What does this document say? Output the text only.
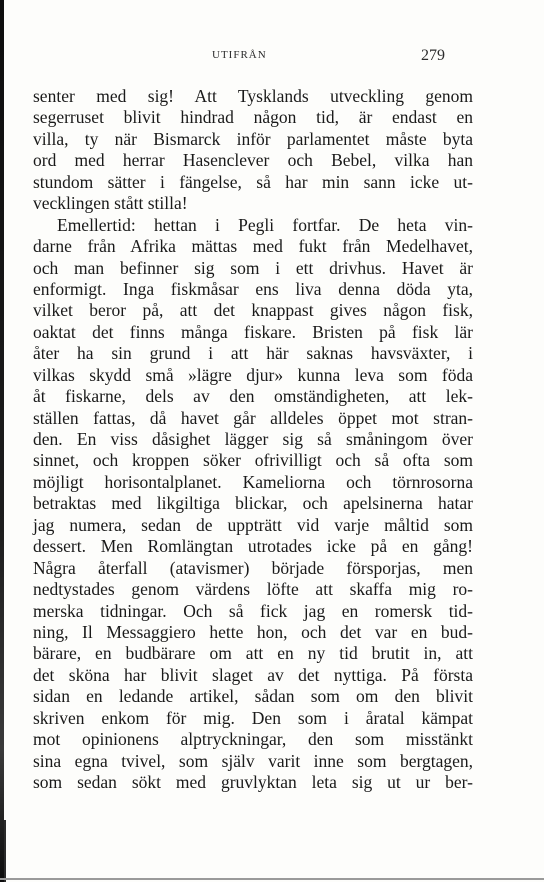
UTIFRÅN	279
senter med sig! Att Tysklands utveckling genom
segerruset blivit hindrad någon tid, är endast en
villa, ty när Bismarck inför parlamentet måste byta
ord med herrar Hasenclever och Bebel, vilka han
stundom sätter i fängelse, så har min sann icke ut-
vecklingen stått stilla!
Emellertid: hettan i Pegli fortfar. De heta vin-
darne från Afrika mättas med fukt från Medelhavet,
och man befinner sig som i ett drivhus. Havet är
enformigt. Inga fiskmåsar ens liva denna döda yta,
vilket beror på, att det knappast gives någon fisk,
oaktat det finns många fiskare. Bristen på fisk lär
åter ha sin grund i att här saknas havsväxter, i
vilkas skydd små »lägre djur» kunna leva som föda
åt fiskarne, dels av den omständigheten, att lek-
ställen fattas, då havet går alldeles öppet mot stran-
den. En viss dåsighet lägger sig så småningom över
sinnet, och kroppen söker ofrivilligt och så ofta som
möjligt horisontalplanet. Kameliorna och törnrosorna
betraktas med likgiltiga blickar, och apelsinerna hatar
jag numera, sedan de uppträtt vid varje måltid som
dessert. Men Romlängtan utrotades icke på en gång!
Några återfall (atavismer) började försporjas, men
nedtystades genom värdens löfte att skaffa mig ro-
merska tidningar. Och så fick jag en romersk tid-
ning, Il Messaggiero hette hon, och det var en bud-
bärare, en budbärare om att en ny tid brutit in, att
det sköna har blivit slaget av det nyttiga. På första
sidan en ledande artikel, sådan som om den blivit
skriven enkom för mig. Den som i åratal kämpat
mot opinionens alptryckningar, den som misstänkt
sina egna tvivel, som själv varit inne som bergtagen,
som sedan sökt med gruvlyktan leta sig ut ur ber-
